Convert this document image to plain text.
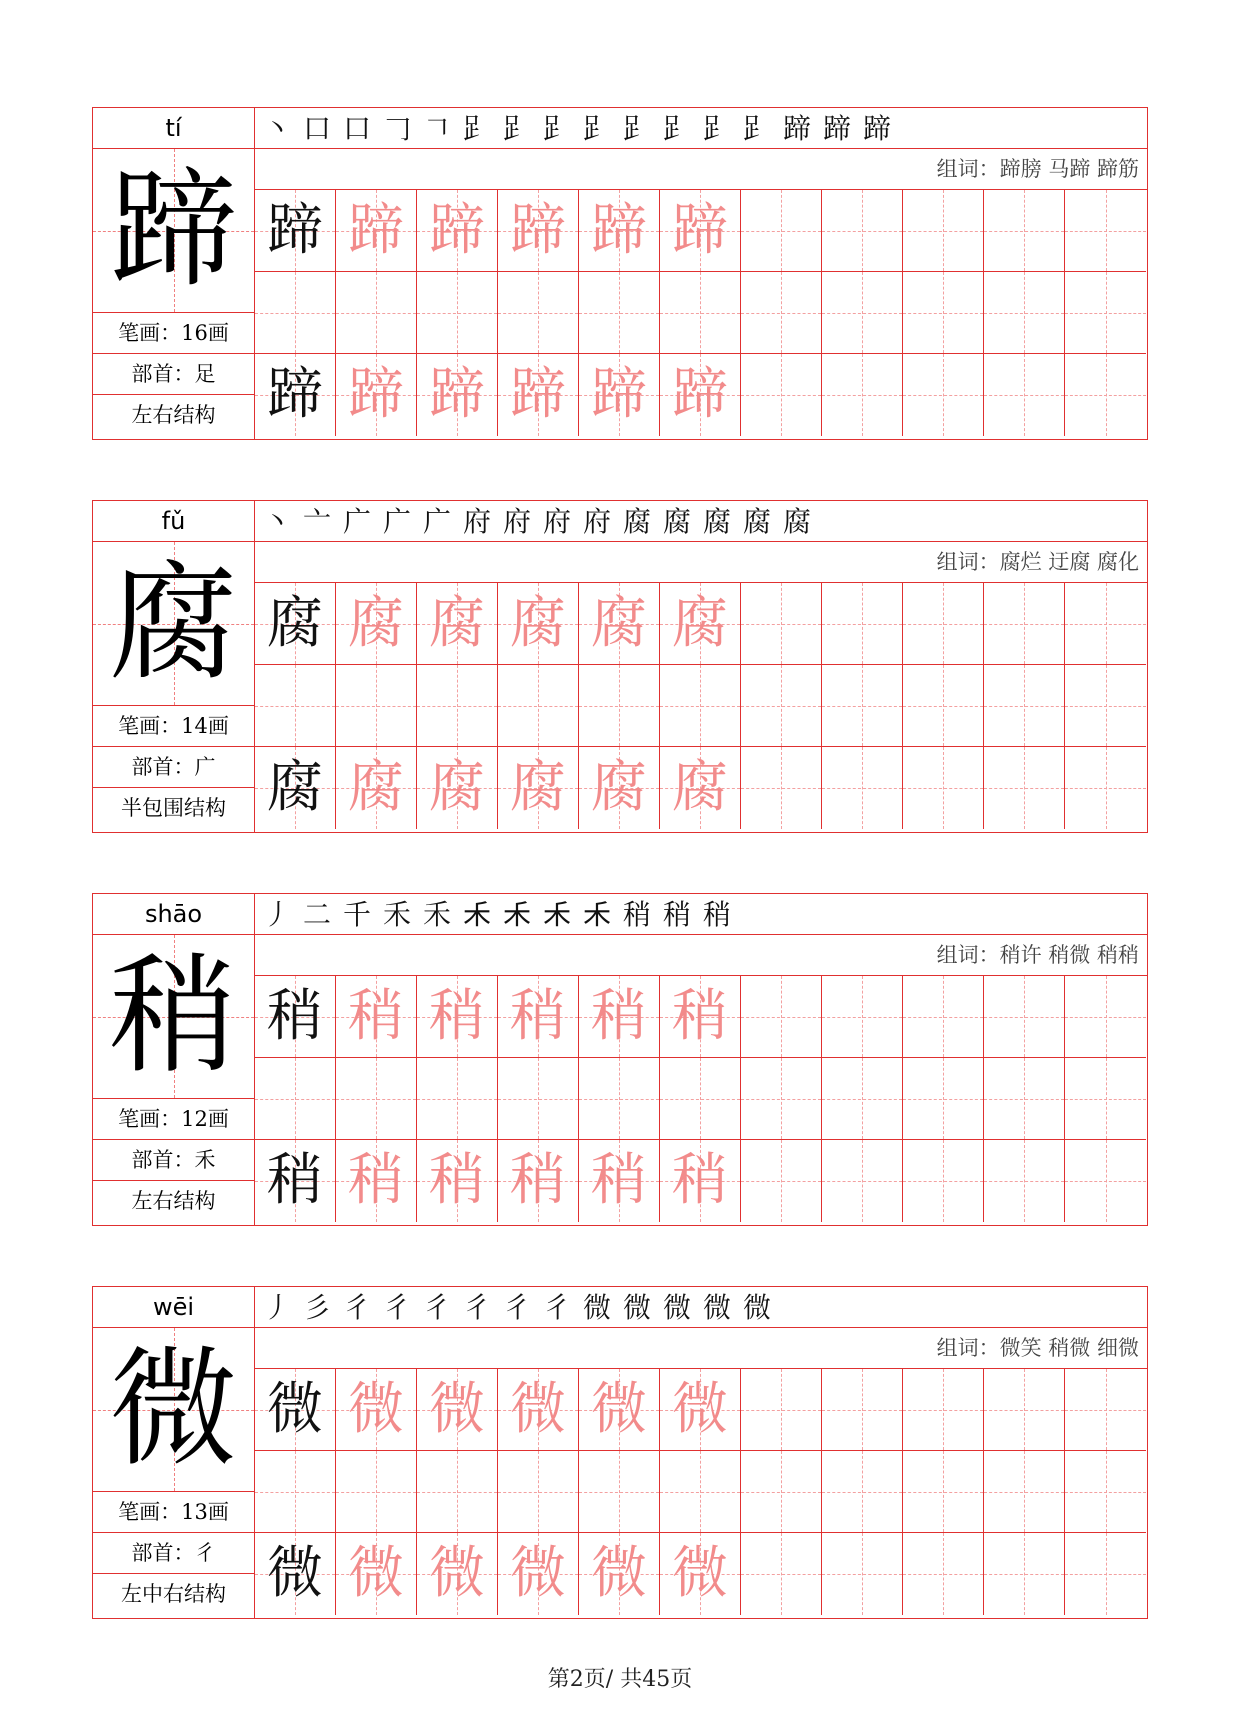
tí
蹄
笔画：16画
部首：足
左右结构
丶 口 口 𠃌 𠃍 𧾷 𧾷 𧾷 𧾷 𧾷 𧾷 𧾷 𧾷 蹄 蹄 蹄
组词：蹄膀 马蹄 蹄筋
蹄 蹄 蹄 蹄 蹄 蹄
蹄 蹄 蹄 蹄 蹄 蹄
fǔ
腐
笔画：14画
部首：广
半包围结构
丶 亠 广 广 广 府 府 府 府 腐 腐 腐 腐 腐
组词：腐烂 迂腐 腐化
腐 腐 腐 腐 腐 腐
腐 腐 腐 腐 腐 腐
shāo
稍
笔画：12画
部首：禾
左右结构
丿 二 千 禾 禾 𥝌 𥝌 𥝌 𥝌 稍 稍 稍
组词：稍许 稍微 稍稍
稍 稍 稍 稍 稍 稍
稍 稍 稍 稍 稍 稍
wēi
微
笔画：13画
部首：彳
左中右结构
丿 彡 彳 彳 彳 彳 彳 彳 微 微 微 微 微
组词：微笑 稍微 细微
微 微 微 微 微 微
微 微 微 微 微 微
第2页/ 共45页
